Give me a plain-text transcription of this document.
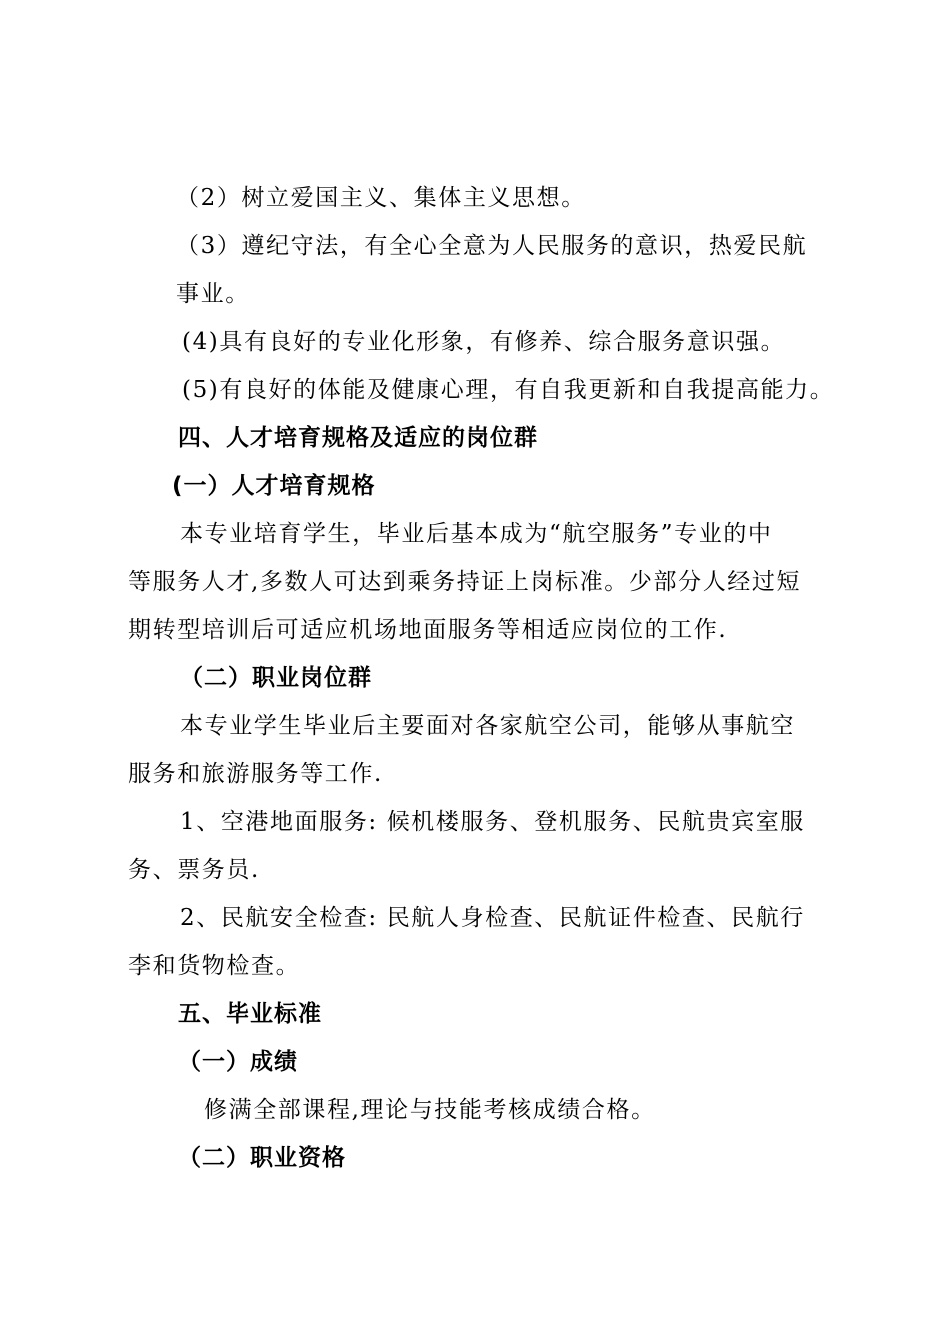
（2）树立爱国主义、集体主义思想。
（3）遵纪守法，有全心全意为人民服务的意识，热爱民航
事业。
(4)具有良好的专业化形象，有修养、综合服务意识强。
(5)有良好的体能及健康心理，有自我更新和自我提高能力。
四、人才培育规格及适应的岗位群
(一）人才培育规格
本专业培育学生，毕业后基本成为“航空服务”专业的中
等服务人才,多数人可达到乘务持证上岗标准。少部分人经过短
期转型培训后可适应机场地面服务等相适应岗位的工作.
（二）职业岗位群
本专业学生毕业后主要面对各家航空公司，能够从事航空
服务和旅游服务等工作.
1、空港地面服务: 候机楼服务、登机服务、民航贵宾室服
务、票务员.
2、民航安全检查: 民航人身检查、民航证件检查、民航行
李和货物检查。
五、毕业标准
（一）成绩
修满全部课程,理论与技能考核成绩合格。
（二）职业资格
